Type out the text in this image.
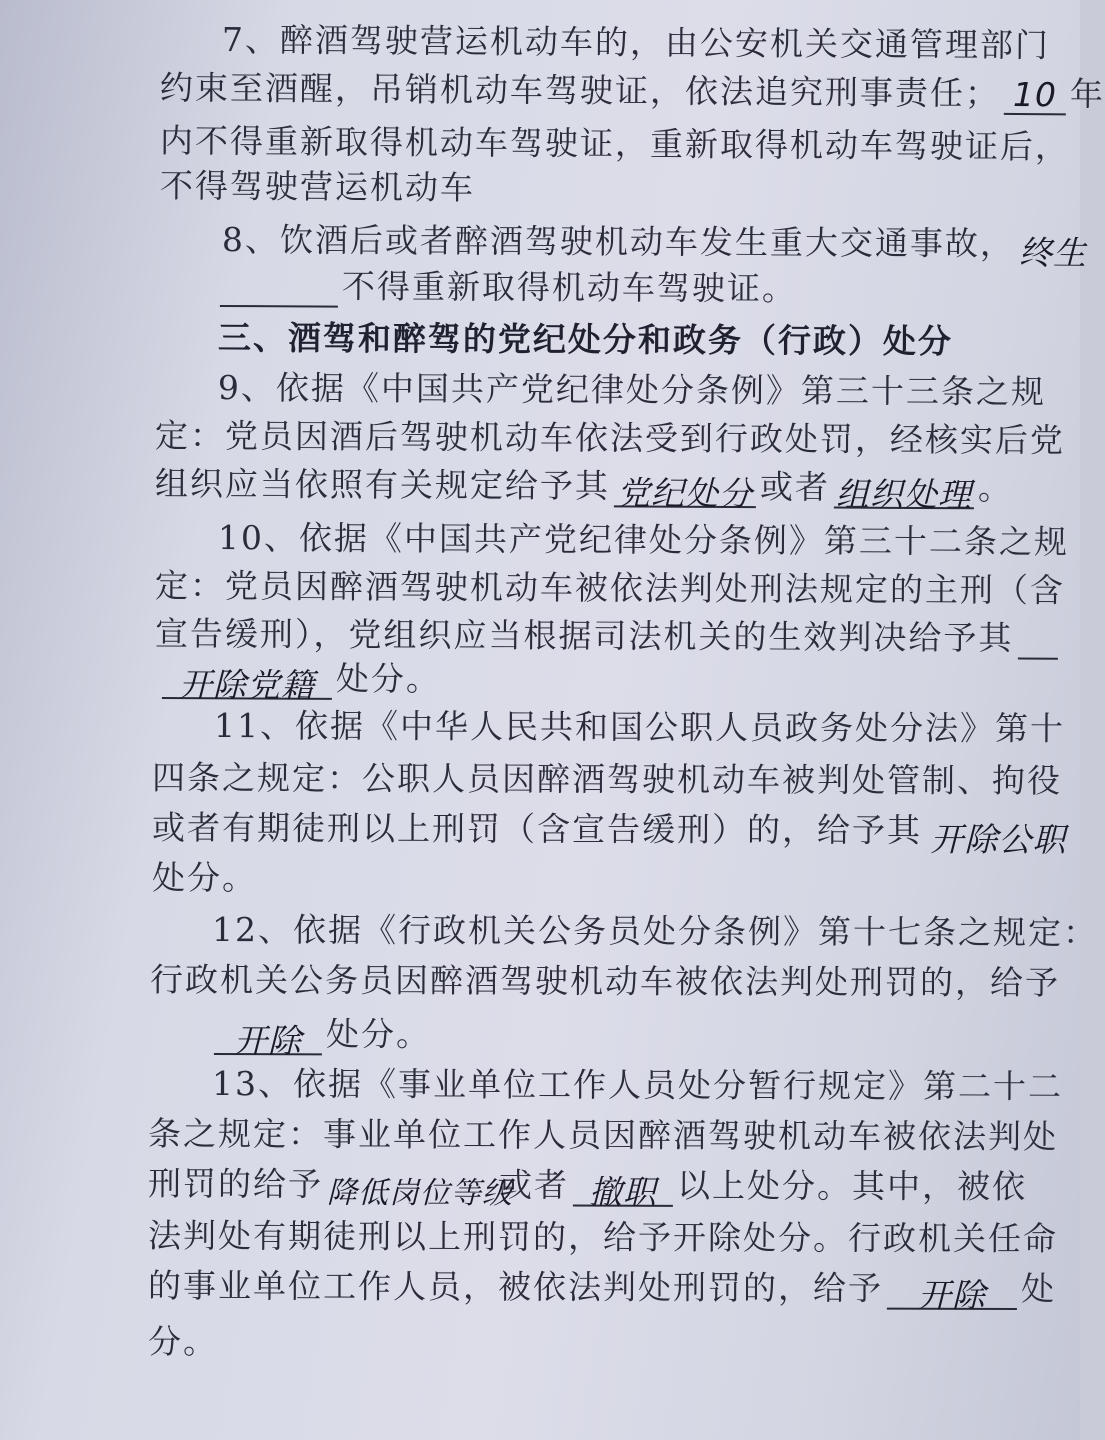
7、醉酒驾驶营运机动车的，由公安机关交通管理部门
约束至酒醒，吊销机动车驾驶证，依法追究刑事责任； 10 年
内不得重新取得机动车驾驶证，重新取得机动车驾驶证后，
不得驾驶营运机动车
8、饮酒后或者醉酒驾驶机动车发生重大交通事故， 终生
不得重新取得机动车驾驶证。
三、酒驾和醉驾的党纪处分和政务（行政）处分
9、依据《中国共产党纪律处分条例》第三十三条之规
定：党员因酒后驾驶机动车依法受到行政处罚，经核实后党
组织应当依照有关规定给予其 党纪处分 或者 组织处理 。
10、依据《中国共产党纪律处分条例》第三十二条之规
定：党员因醉酒驾驶机动车被依法判处刑法规定的主刑（含
宣告缓刑），党组织应当根据司法机关的生效判决给予其
开除党籍 处分。
11、依据《中华人民共和国公职人员政务处分法》第十
四条之规定：公职人员因醉酒驾驶机动车被判处管制、拘役
或者有期徒刑以上刑罚（含宣告缓刑）的，给予其 开除公职
处分。
12、依据《行政机关公务员处分条例》第十七条之规定：
行政机关公务员因醉酒驾驶机动车被依法判处刑罚的，给予
开除 处分。
13、依据《事业单位工作人员处分暂行规定》第二十二
条之规定：事业单位工作人员因醉酒驾驶机动车被依法判处
刑罚的给予 降低岗位等级或者 撤职 以上处分。其中，被依
法判处有期徒刑以上刑罚的，给予开除处分。行政机关任命
的事业单位工作人员，被依法判处刑罚的，给予 开除 处
分。
